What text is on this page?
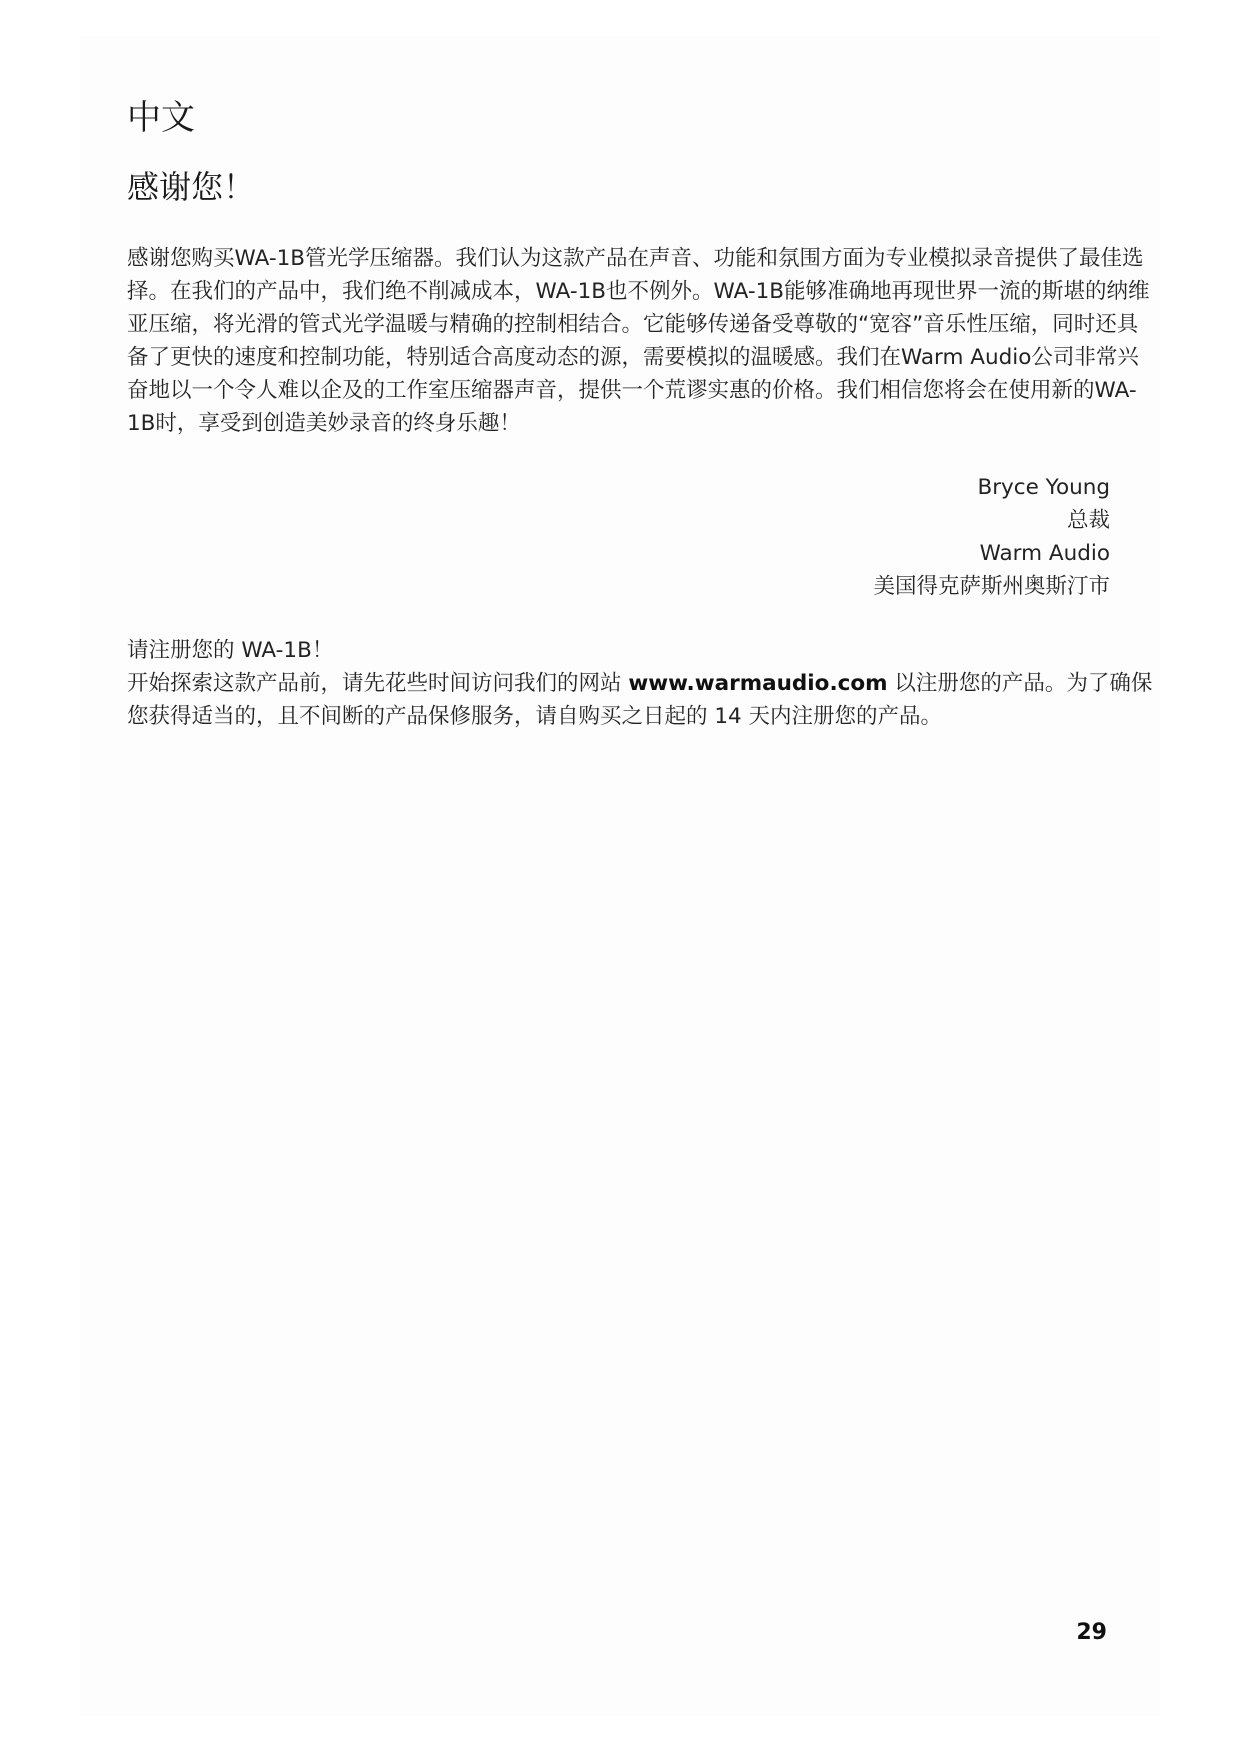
中文
感谢您！

感谢您购买WA-1B管光学压缩器。我们认为这款产品在声音、功能和氛围方面为专业模拟录音提供了最佳选择。在我们的产品中，我们绝不削减成本，WA-1B也不例外。WA-1B能够准确地再现世界一流的斯堪的纳维亚压缩，将光滑的管式光学温暖与精确的控制相结合。它能够传递备受尊敬的“宽容”音乐性压缩，同时还具备了更快的速度和控制功能，特别适合高度动态的源，需要模拟的温暖感。我们在Warm Audio公司非常兴奋地以一个令人难以企及的工作室压缩器声音，提供一个荒谬实惠的价格。我们相信您将会在使用新的WA-1B时，享受到创造美妙录音的终身乐趣！

Bryce Young
总裁
Warm Audio
美国得克萨斯州奥斯汀市

请注册您的 WA-1B！
开始探索这款产品前，请先花些时间访问我们的网站 www.warmaudio.com 以注册您的产品。为了确保您获得适当的，且不间断的产品保修服务，请自购买之日起的 14 天内注册您的产品。

29
